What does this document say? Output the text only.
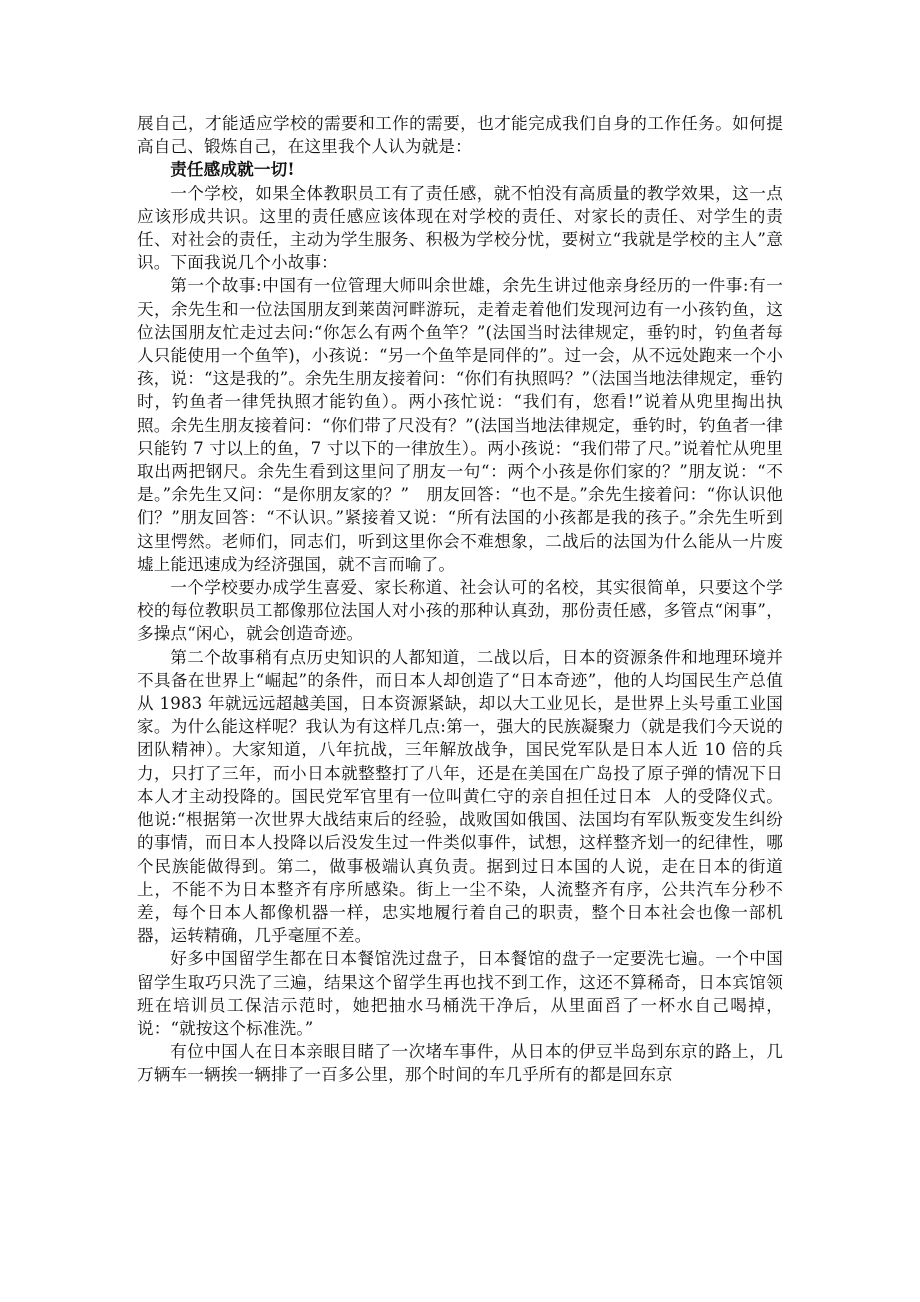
展自己，才能适应学校的需要和工作的需要，也才能完成我们自身的工作任务。如何提高自己、锻炼自己，在这里我个人认为就是：

责任感成就一切!

一个学校，如果全体教职员工有了责任感，就不怕没有高质量的教学效果，这一点应该形成共识。这里的责任感应该体现在对学校的责任、对家长的责任、对学生的责任、对社会的责任，主动为学生服务、积极为学校分忧，要树立“我就是学校的主人”意识。下面我说几个小故事：

第一个故事:中国有一位管理大师叫余世雄，余先生讲过他亲身经历的一件事:有一天，余先生和一位法国朋友到莱茵河畔游玩，走着走着他们发现河边有一小孩钓鱼，这位法国朋友忙走过去问:“你怎么有两个鱼竿？”(法国当时法律规定，垂钓时，钓鱼者每人只能使用一个鱼竿)，小孩说：“另一个鱼竿是同伴的”。过一会，从不远处跑来一个小孩，说：“这是我的”。余先生朋友接着问：“你们有执照吗？”（法国当地法律规定，垂钓时，钓鱼者一律凭执照才能钓鱼）。两小孩忙说：“我们有，您看!”说着从兜里掏出执照。余先生朋友接着问：“你们带了尺没有？”(法国当地法律规定，垂钓时，钓鱼者一律只能钓 7 寸以上的鱼，7 寸以下的一律放生）。两小孩说：“我们带了尺。”说着忙从兜里取出两把钢尺。余先生看到这里问了朋友一句“：两个小孩是你们家的？”朋友说：“不是。”余先生又问：“是你朋友家的？”　朋友回答：“也不是。”余先生接着问：“你认识他们？”朋友回答：“不认识。”紧接着又说：“所有法国的小孩都是我的孩子。”余先生听到这里愕然。老师们，同志们，听到这里你会不难想象，二战后的法国为什么能从一片废墟上能迅速成为经济强国，就不言而喻了。

一个学校要办成学生喜爱、家长称道、社会认可的名校，其实很简单，只要这个学校的每位教职员工都像那位法国人对小孩的那种认真劲，那份责任感，多管点“闲事”，多操点“闲心，就会创造奇迹。

第二个故事稍有点历史知识的人都知道，二战以后，日本的资源条件和地理环境并不具备在世界上“崛起”的条件，而日本人却创造了“日本奇迹”，他的人均国民生产总值从 1983 年就远远超越美国，日本资源紧缺，却以大工业见长，是世界上头号重工业国家。为什么能这样呢？我认为有这样几点:第一，强大的民族凝聚力（就是我们今天说的团队精神）。大家知道，八年抗战，三年解放战争，国民党军队是日本人近 10 倍的兵力，只打了三年，而小日本就整整打了八年，还是在美国在广岛投了原子弹的情况下日本人才主动投降的。国民党军官里有一位叫黄仁守的亲自担任过日本  人的受降仪式。他说:“根据第一次世界大战结束后的经验，战败国如俄国、法国均有军队叛变发生纠纷的事情，而日本人投降以后没发生过一件类似事件，试想，这样整齐划一的纪律性，哪个民族能做得到。第二，做事极端认真负责。据到过日本国的人说，走在日本的街道上，不能不为日本整齐有序所感染。街上一尘不染，人流整齐有序，公共汽车分秒不差，每个日本人都像机器一样，忠实地履行着自己的职责，整个日本社会也像一部机器，运转精确，几乎毫厘不差。

好多中国留学生都在日本餐馆洗过盘子，日本餐馆的盘子一定要洗七遍。一个中国留学生取巧只洗了三遍，结果这个留学生再也找不到工作，这还不算稀奇，日本宾馆领班在培训员工保洁示范时，她把抽水马桶洗干净后，从里面舀了一杯水自己喝掉，说：“就按这个标准洗。”

有位中国人在日本亲眼目睹了一次堵车事件，从日本的伊豆半岛到东京的路上，几万辆车一辆挨一辆排了一百多公里，那个时间的车几乎所有的都是回东京
